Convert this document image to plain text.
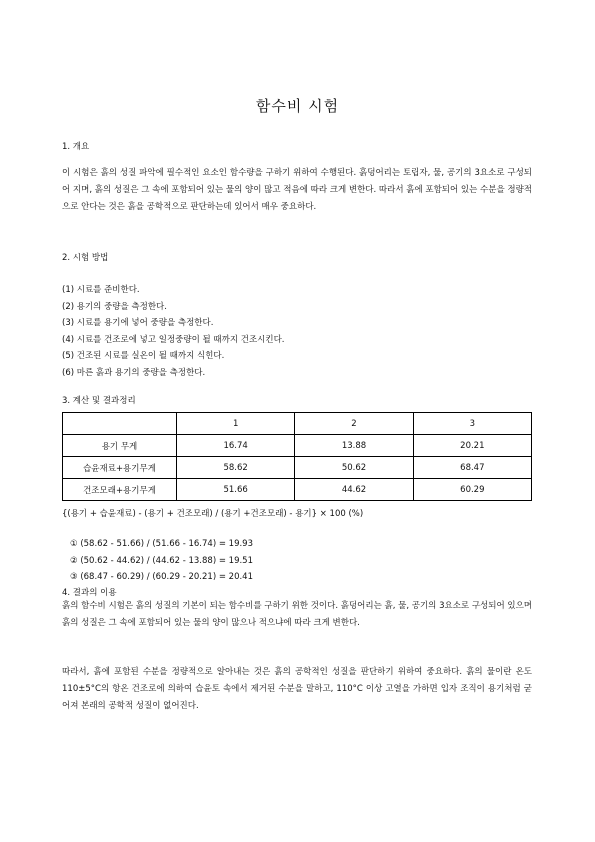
함수비 시험
1. 개요

이 시험은 흙의 성질 파악에 필수적인 요소인 함수량을 구하기 위하여 수행된다. 흙덩어리는 토립자, 물, 공기의 3요소로 구성되어 지며, 흙의 성질은 그 속에 포함되어 있는 물의 양이 많고 적음에 따라 크게 변한다. 따라서 흙에 포함되어 있는 수분을 정량적으로 안다는 것은 흙을 공학적으로 판단하는데 있어서 매우 중요하다.

2. 시험 방법
(1) 시료를 준비한다.
(2) 용기의 중량을 측정한다.
(3) 시료를 용기에 넣어 중량을 측정한다.
(4) 시료를 건조로에 넣고 일정중량이 될 때까지 건조시킨다.
(5) 건조된 시료를 실온이 될 때까지 식힌다.
(6) 마른 흙과 용기의 중량을 측정한다.
3. 계산 및 결과정리
	1	2	3
용기 무게	16.74	13.88	20.21
습윤재료+용기무게	58.62	50.62	68.47
건조모래+용기무게	51.66	44.62	60.29
{(용기 + 습윤재료) - (용기 + 건조모래) / (용기 +건조모래) - 용기} × 100 (%)
① (58.62 - 51.66) / (51.66 - 16.74) = 19.93
② (50.62 - 44.62) / (44.62 - 13.88) = 19.51
③ (68.47 - 60.29) / (60.29 - 20.21) = 20.41
4. 결과의 이용

흙의 함수비 시험은 흙의 성질의 기본이 되는 함수비를 구하기 위한 것이다. 흙덩어리는 흙, 물, 공기의 3요소로 구성되어 있으며 흙의 성질은 그 속에 포함되어 있는 물의 양이 많으나 적으냐에 따라 크게 변한다.

따라서, 흙에 포함된 수분을 정량적으로 알아내는 것은 흙의 공학적인 성질을 판단하기 위하여 중요하다. 흙의 물이란 온도 110±5°C의 항온 건조로에 의하여 습윤토 속에서 제거된 수분을 말하고, 110°C 이상 고열을 가하면 입자 조직이 용기처럼 굳어져 본래의 공학적 성질이 없어진다.
